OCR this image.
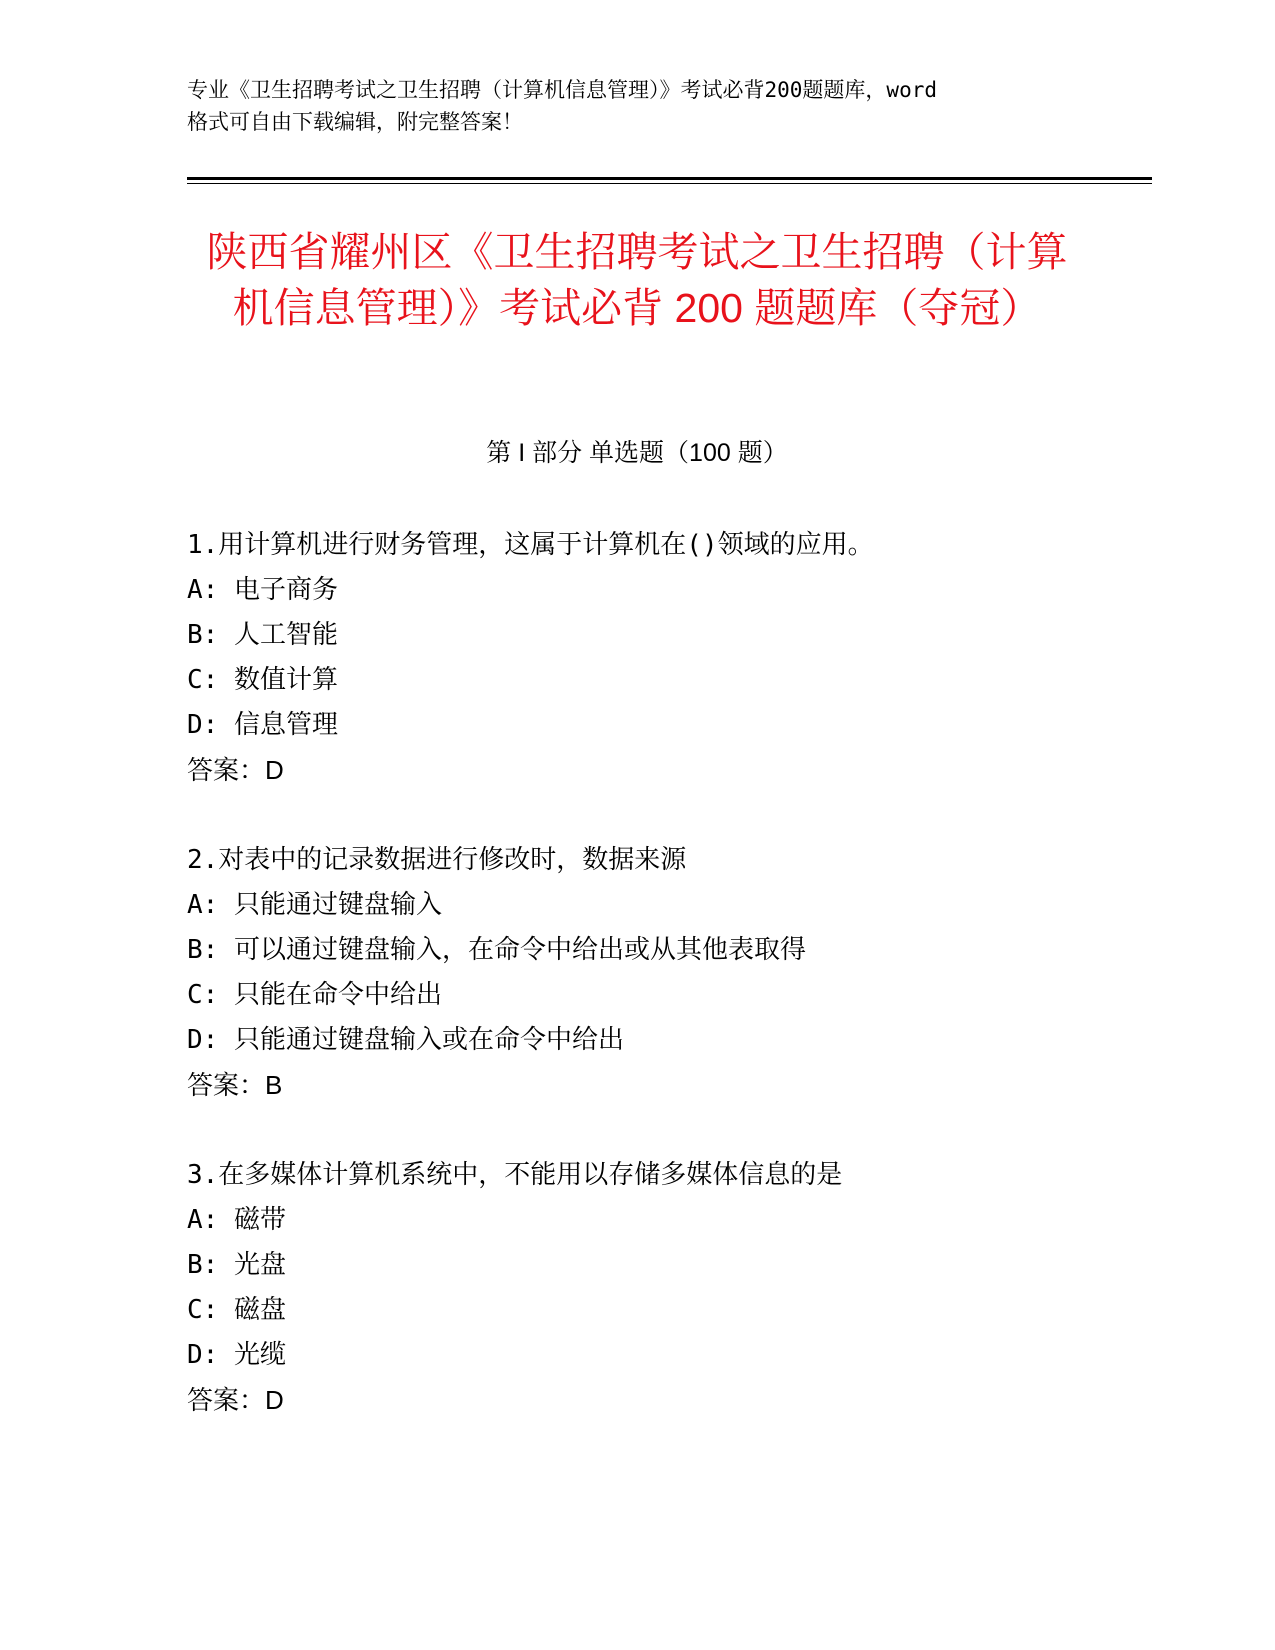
专业《卫生招聘考试之卫生招聘（计算机信息管理）》考试必背200题题库，word
格式可自由下载编辑，附完整答案！

陕西省耀州区《卫生招聘考试之卫生招聘（计算机信息管理）》考试必背 200 题题库（夺冠）
第 I 部分 单选题（100 题）

1.用计算机进行财务管理，这属于计算机在()领域的应用。

A: 电子商务

B: 人工智能

C: 数值计算

D: 信息管理

答案：D

2.对表中的记录数据进行修改时，数据来源

A: 只能通过键盘输入

B: 可以通过键盘输入，在命令中给出或从其他表取得

C: 只能在命令中给出

D: 只能通过键盘输入或在命令中给出

答案：B

3.在多媒体计算机系统中，不能用以存储多媒体信息的是

A: 磁带

B: 光盘

C: 磁盘

D: 光缆

答案：D
